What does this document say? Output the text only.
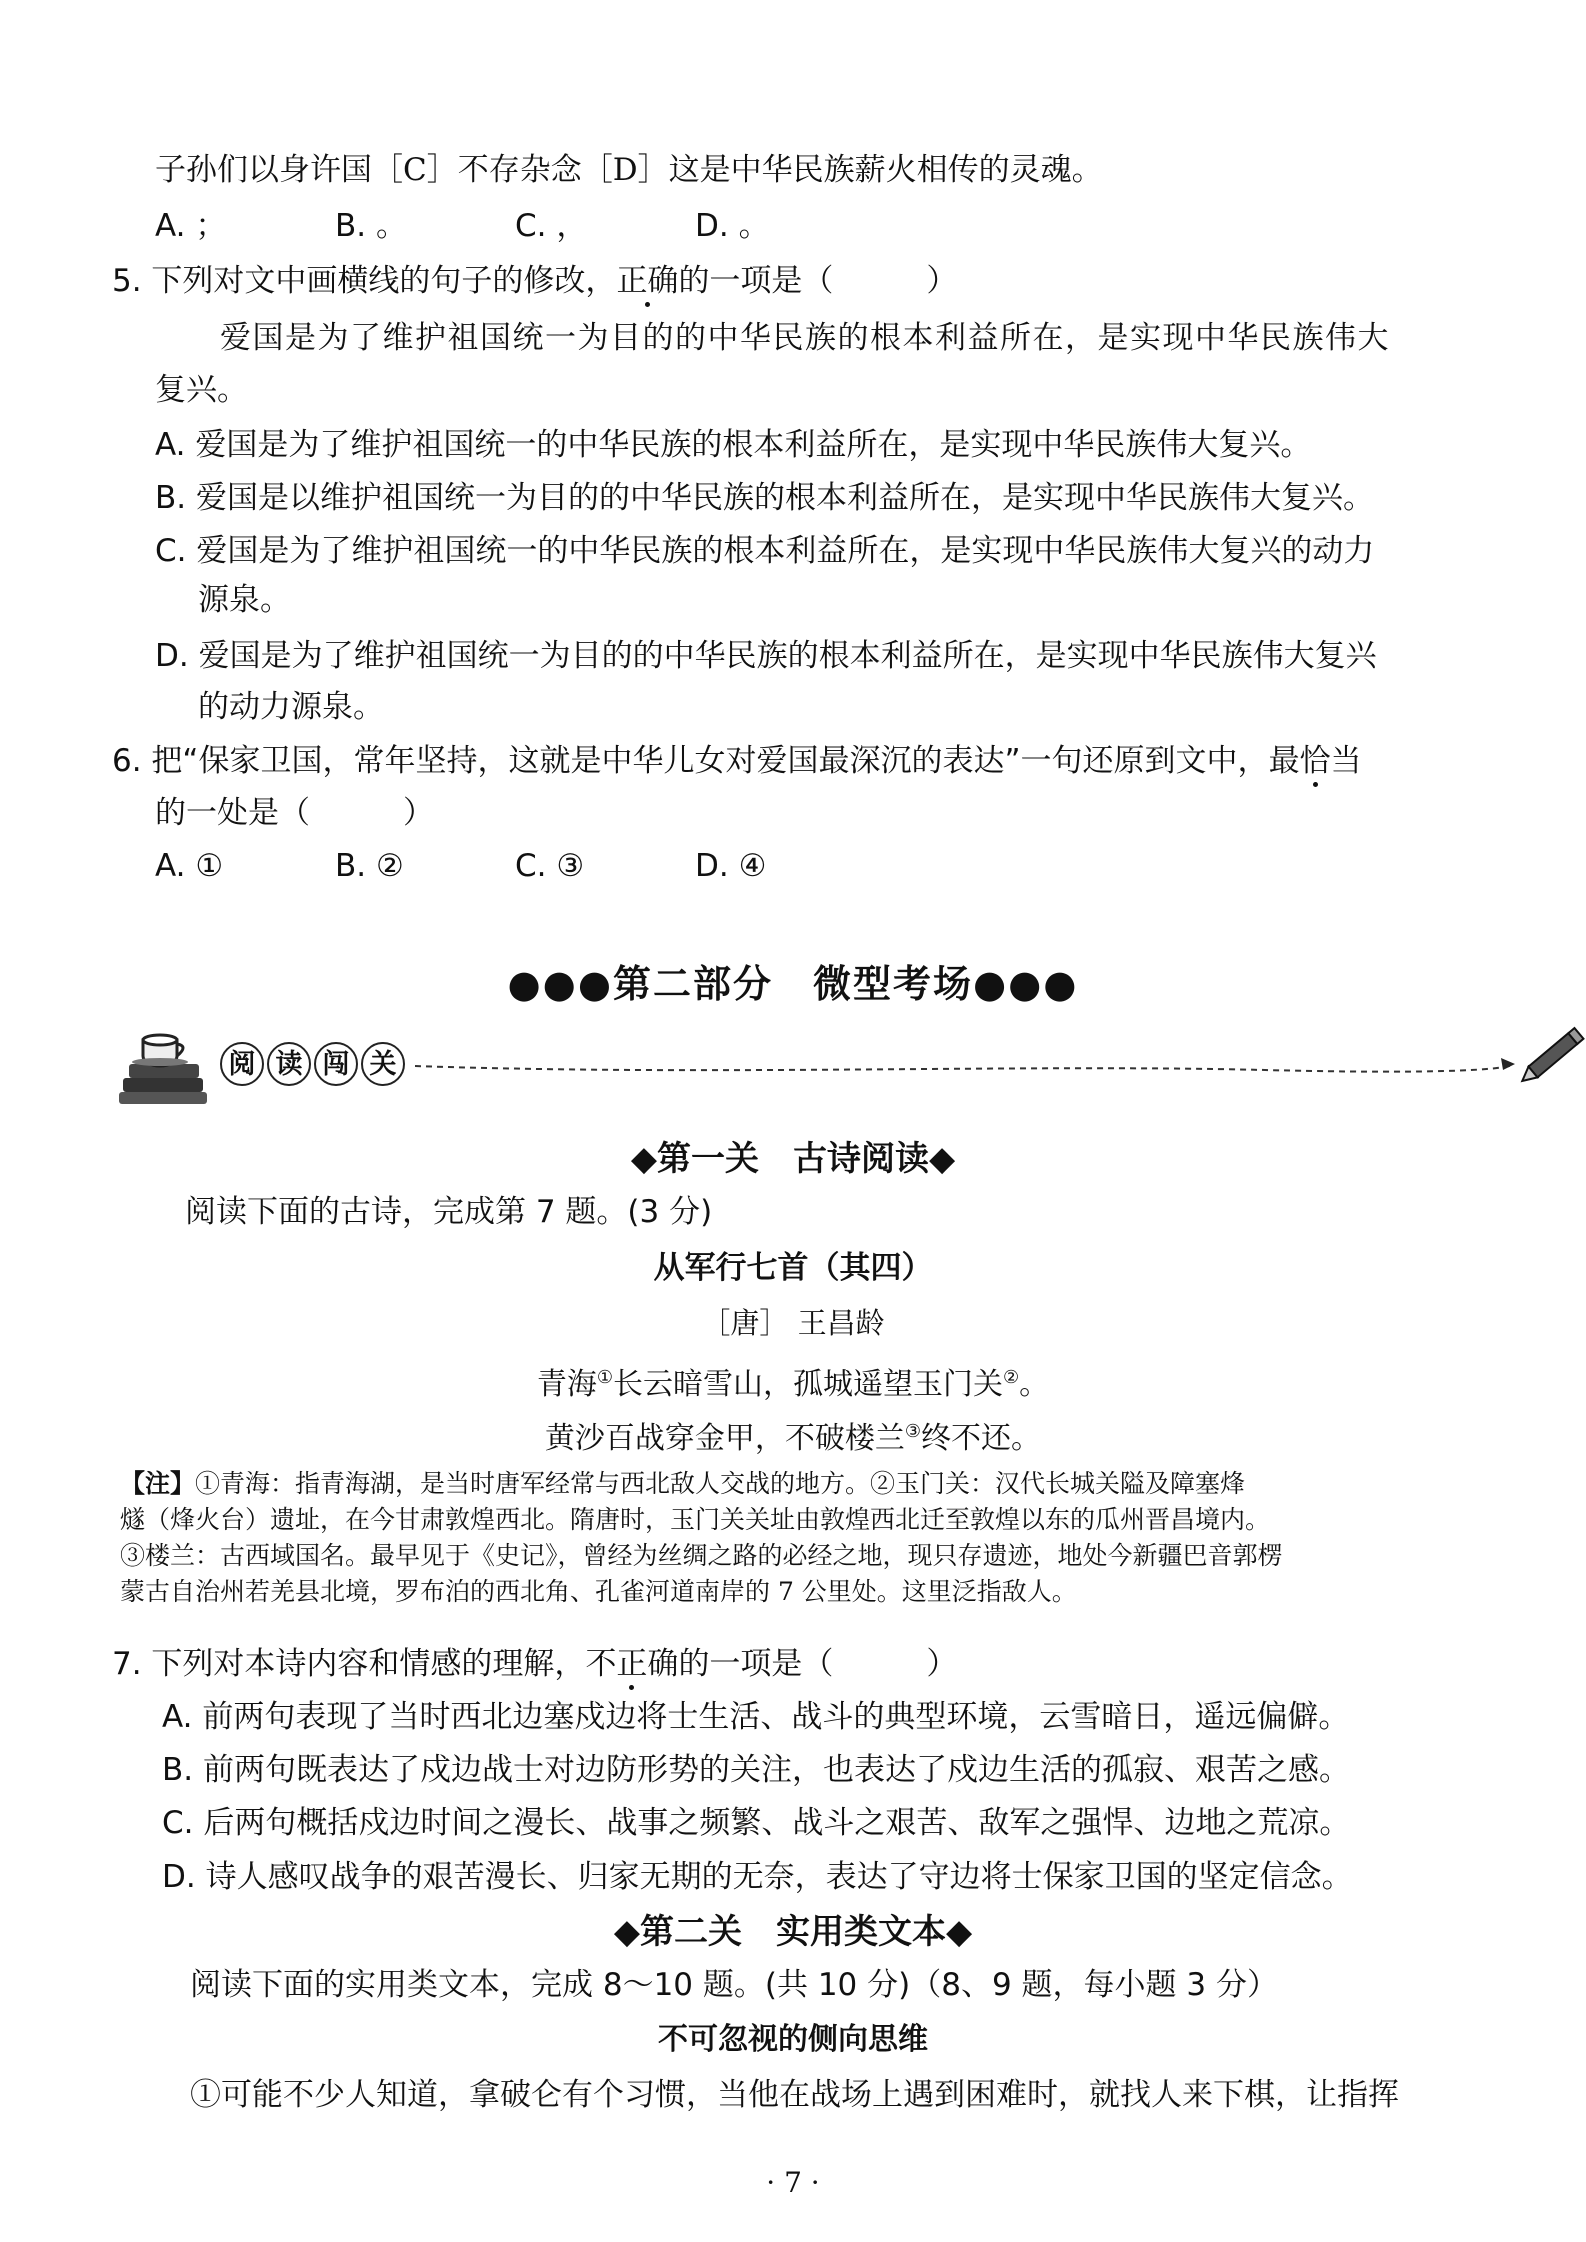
子孙们以身许国［C］不存杂念［D］这是中华民族薪火相传的灵魂。
A. ；	B. 。	C. ，	D. 。
5. 下列对文中画横线的句子的修改，正确的一项是（　　　）
爱国是为了维护祖国统一为目的的中华民族的根本利益所在，是实现中华民族伟大
复兴。
A. 爱国是为了维护祖国统一的中华民族的根本利益所在，是实现中华民族伟大复兴。
B. 爱国是以维护祖国统一为目的的中华民族的根本利益所在，是实现中华民族伟大复兴。
C. 爱国是为了维护祖国统一的中华民族的根本利益所在，是实现中华民族伟大复兴的动力
源泉。
D. 爱国是为了维护祖国统一为目的的中华民族的根本利益所在，是实现中华民族伟大复兴
的动力源泉。
6. 把“保家卫国，常年坚持，这就是中华儿女对爱国最深沉的表达”一句还原到文中，最恰当
的一处是（　　　）
A. ①	B. ②	C. ③	D. ④
●●●第二部分　微型考场●●●
阅 读 闯 关
◆第一关　古诗阅读◆
阅读下面的古诗，完成第 7 题。(3 分)
从军行七首（其四）
［唐］ 王昌龄
青海①长云暗雪山，孤城遥望玉门关②。
黄沙百战穿金甲，不破楼兰③终不还。
【注】①青海：指青海湖，是当时唐军经常与西北敌人交战的地方。②玉门关：汉代长城关隘及障塞烽
燧（烽火台）遗址，在今甘肃敦煌西北。隋唐时，玉门关关址由敦煌西北迁至敦煌以东的瓜州晋昌境内。
③楼兰：古西域国名。最早见于《史记》，曾经为丝绸之路的必经之地，现只存遗迹，地处今新疆巴音郭楞
蒙古自治州若羌县北境，罗布泊的西北角、孔雀河道南岸的 7 公里处。这里泛指敌人。
7. 下列对本诗内容和情感的理解，不正确的一项是（　　　）
A. 前两句表现了当时西北边塞戍边将士生活、战斗的典型环境，云雪暗日，遥远偏僻。
B. 前两句既表达了戍边战士对边防形势的关注，也表达了戍边生活的孤寂、艰苦之感。
C. 后两句概括戍边时间之漫长、战事之频繁、战斗之艰苦、敌军之强悍、边地之荒凉。
D. 诗人感叹战争的艰苦漫长、归家无期的无奈，表达了守边将士保家卫国的坚定信念。
◆第二关　实用类文本◆
阅读下面的实用类文本，完成 8～10 题。(共 10 分)（8、9 题，每小题 3 分）
不可忽视的侧向思维
①可能不少人知道，拿破仑有个习惯，当他在战场上遇到困难时，就找人来下棋，让指挥
· 7 ·
